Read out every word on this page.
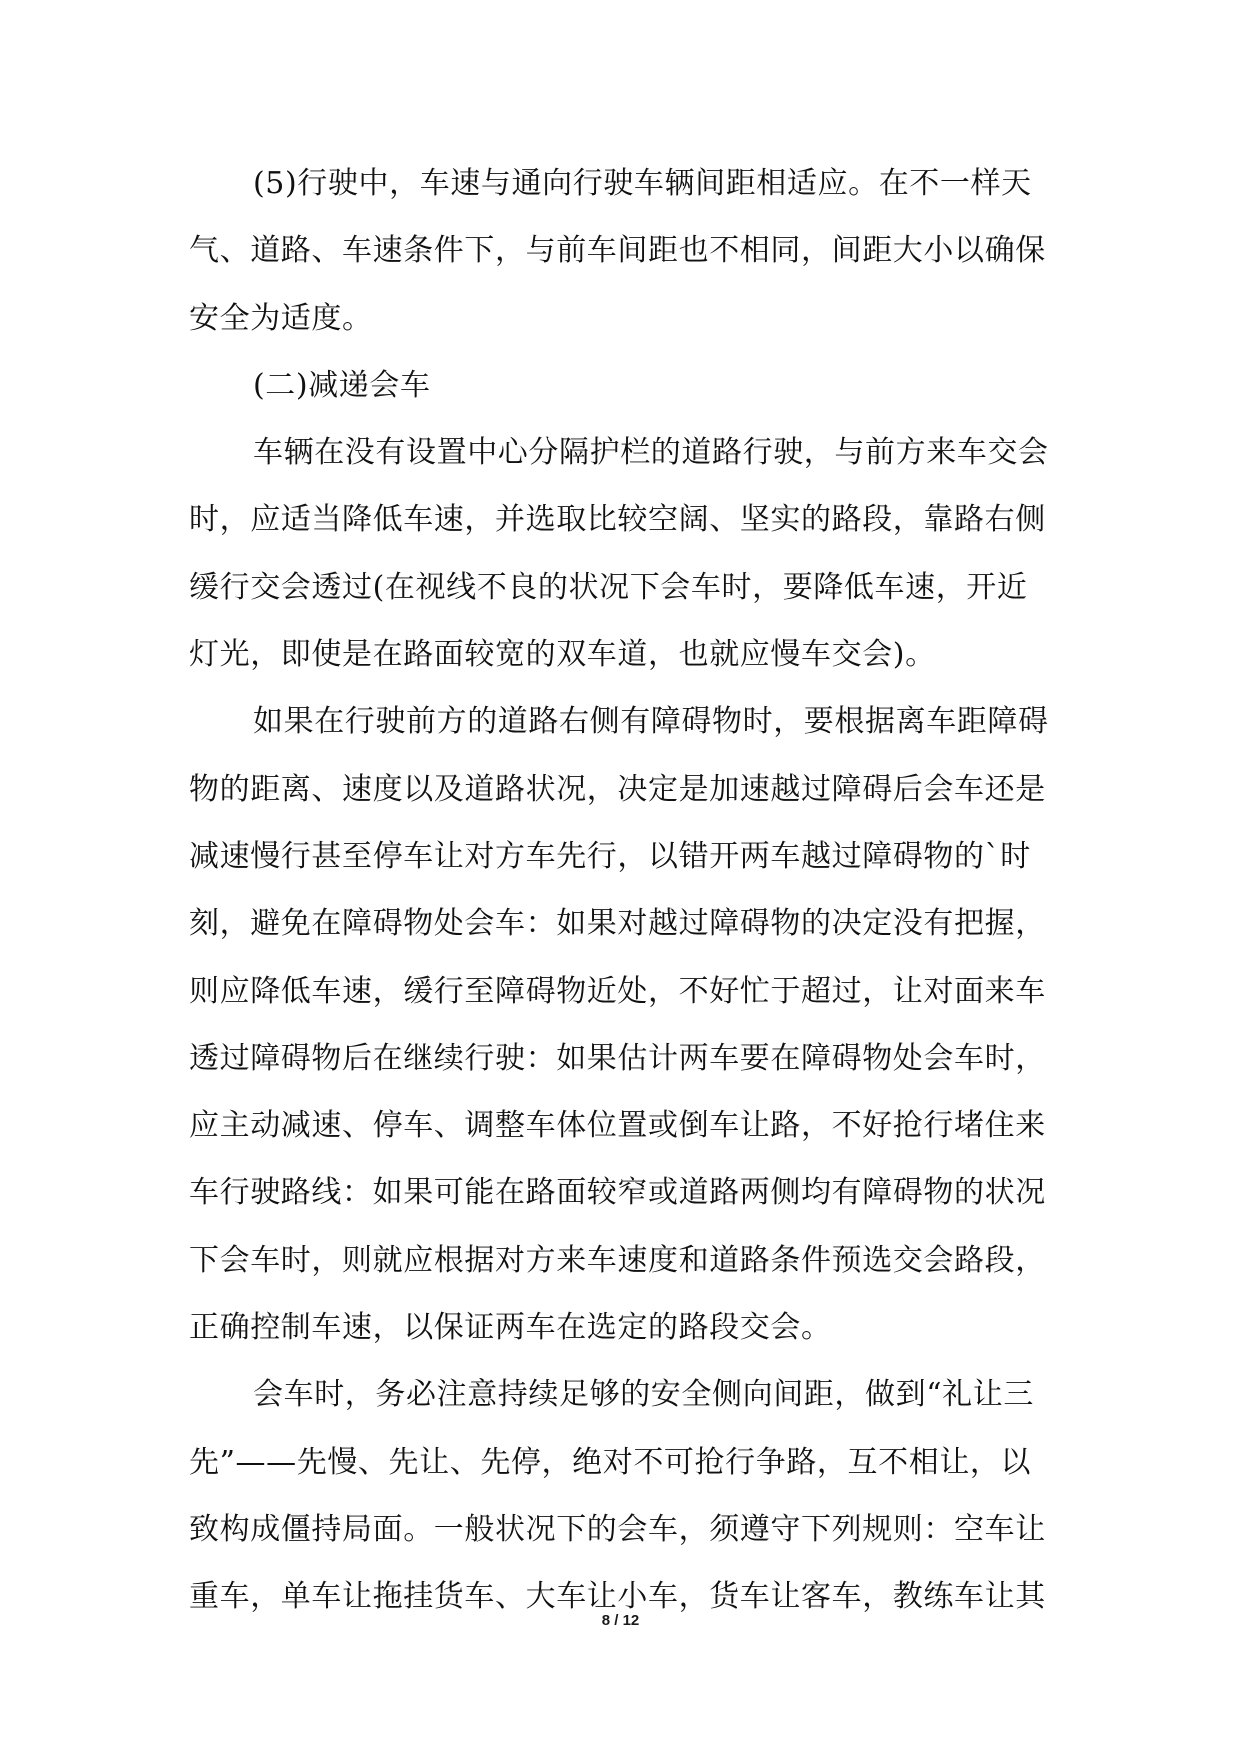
(5)行驶中，车速与通向行驶车辆间距相适应。在不一样天
气、道路、车速条件下，与前车间距也不相同，间距大小以确保
安全为适度。
(二)减递会车
车辆在没有设置中心分隔护栏的道路行驶，与前方来车交会
时，应适当降低车速，并选取比较空阔、坚实的路段，靠路右侧
缓行交会透过(在视线不良的状况下会车时，要降低车速，开近
灯光，即使是在路面较宽的双车道，也就应慢车交会)。
如果在行驶前方的道路右侧有障碍物时，要根据离车距障碍
物的距离、速度以及道路状况，决定是加速越过障碍后会车还是
减速慢行甚至停车让对方车先行，以错开两车越过障碍物的`时
刻，避免在障碍物处会车：如果对越过障碍物的决定没有把握，
则应降低车速，缓行至障碍物近处，不好忙于超过，让对面来车
透过障碍物后在继续行驶：如果估计两车要在障碍物处会车时，
应主动减速、停车、调整车体位置或倒车让路，不好抢行堵住来
车行驶路线：如果可能在路面较窄或道路两侧均有障碍物的状况
下会车时，则就应根据对方来车速度和道路条件预选交会路段，
正确控制车速，以保证两车在选定的路段交会。
会车时，务必注意持续足够的安全侧向间距，做到“礼让三
先”——先慢、先让、先停，绝对不可抢行争路，互不相让，以
致构成僵持局面。一般状况下的会车，须遵守下列规则：空车让
重车，单车让拖挂货车、大车让小车，货车让客车，教练车让其
8 / 12
